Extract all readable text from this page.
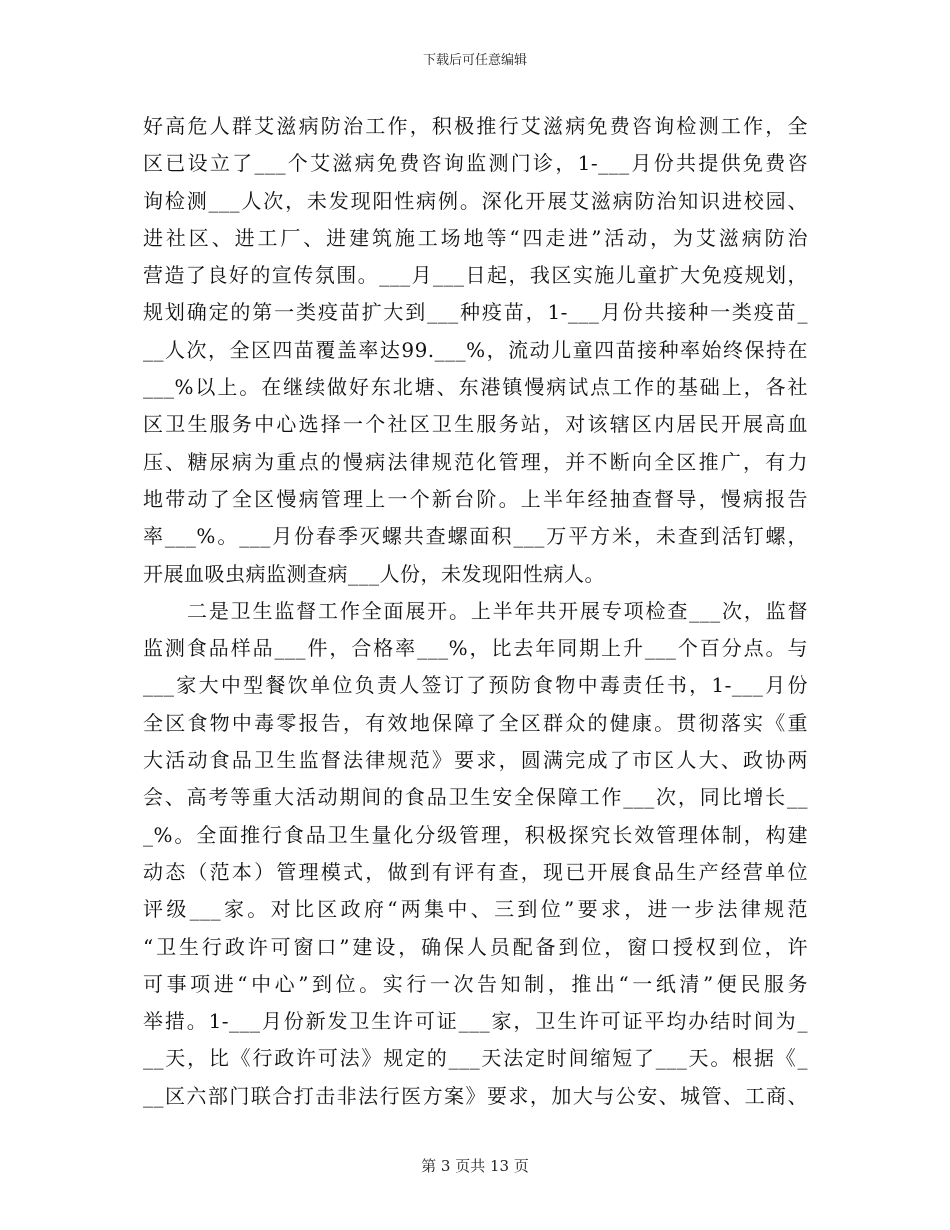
下载后可任意编辑
好高危人群艾滋病防治工作，积极推行艾滋病免费咨询检测工作，全
区已设立了___个艾滋病免费咨询监测门诊，1-___月份共提供免费咨
询检测___人次，未发现阳性病例。深化开展艾滋病防治知识进校园、
进社区、进工厂、进建筑施工场地等“四走进”活动，为艾滋病防治
营造了良好的宣传氛围。___月___日起，我区实施儿童扩大免疫规划，
规划确定的第一类疫苗扩大到___种疫苗，1-___月份共接种一类疫苗_
__人次，全区四苗覆盖率达99.___%，流动儿童四苗接种率始终保持在
___%以上。在继续做好东北塘、东港镇慢病试点工作的基础上，各社
区卫生服务中心选择一个社区卫生服务站，对该辖区内居民开展高血
压、糖尿病为重点的慢病法律规范化管理，并不断向全区推广，有力
地带动了全区慢病管理上一个新台阶。上半年经抽查督导，慢病报告
率___%。___月份春季灭螺共查螺面积___万平方米，未查到活钉螺，
开展血吸虫病监测查病___人份，未发现阳性病人。
二是卫生监督工作全面展开。上半年共开展专项检查___次，监督
监测食品样品___件，合格率___%，比去年同期上升___个百分点。与
___家大中型餐饮单位负责人签订了预防食物中毒责任书，1-___月份
全区食物中毒零报告，有效地保障了全区群众的健康。贯彻落实《重
大活动食品卫生监督法律规范》要求，圆满完成了市区人大、政协两
会、高考等重大活动期间的食品卫生安全保障工作___次，同比增长__
_%。全面推行食品卫生量化分级管理，积极探究长效管理体制，构建
动态（范本）管理模式，做到有评有查，现已开展食品生产经营单位
评级___家。对比区政府“两集中、三到位”要求，进一步法律规范
“卫生行政许可窗口”建设，确保人员配备到位，窗口授权到位，许
可事项进“中心”到位。实行一次告知制，推出“一纸清”便民服务
举措。1-___月份新发卫生许可证___家，卫生许可证平均办结时间为_
__天，比《行政许可法》规定的___天法定时间缩短了___天。根据《_
__区六部门联合打击非法行医方案》要求，加大与公安、城管、工商、
第 3 页共 13 页
